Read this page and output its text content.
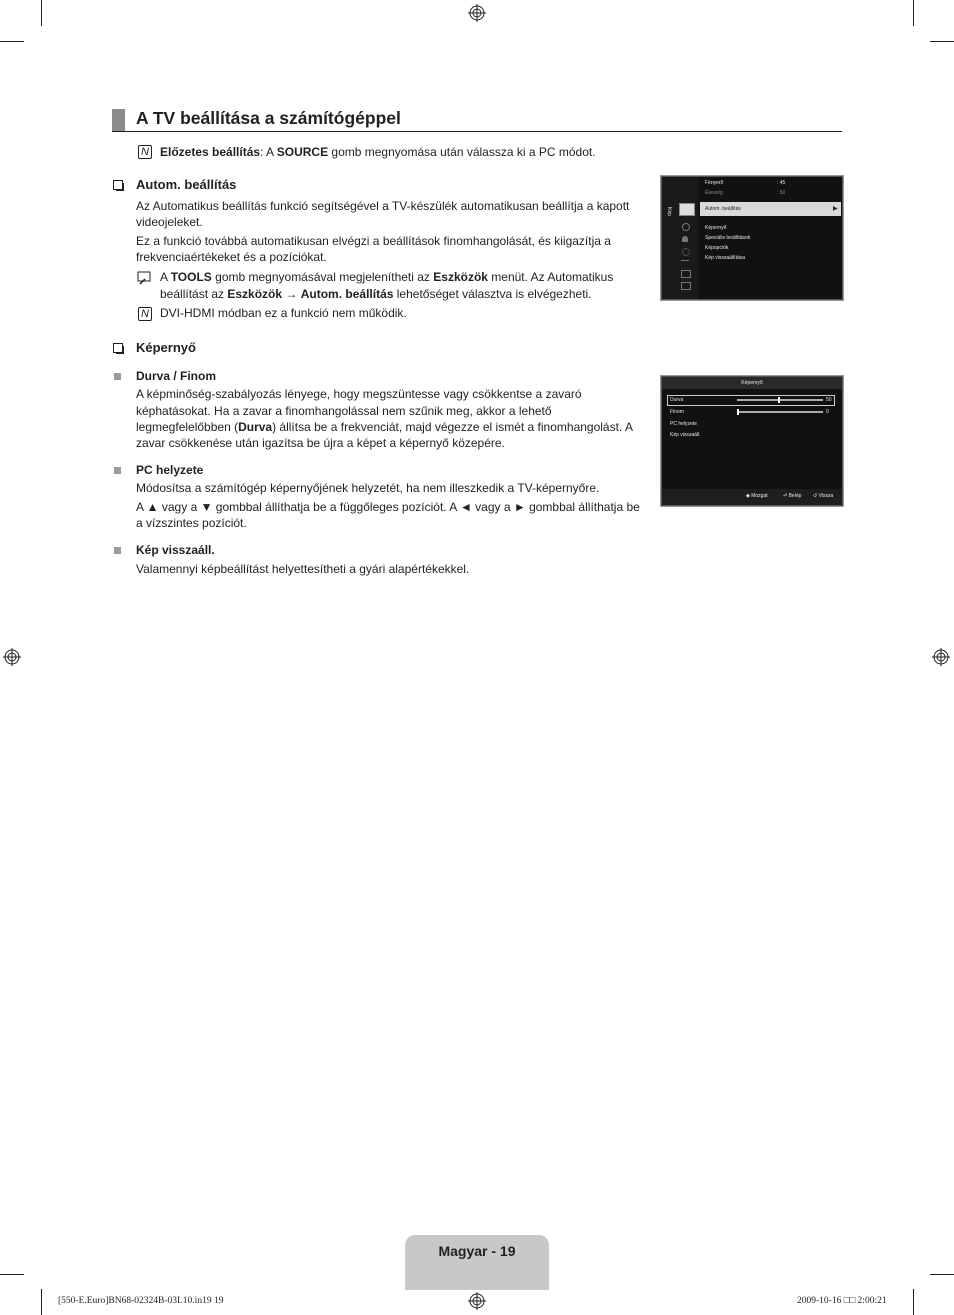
A TV beállítása a számítógéppel
N Előzetes beállítás: A SOURCE gomb megnyomása után válassza ki a PC módot.
Autom. beállítás
Az Automatikus beállítás funkció segítségével a TV-készülék automatikusan beállítja a kapott
videojeleket.
Ez a funkció továbbá automatikusan elvégzi a beállítások finomhangolását, és kiigazítja a
frekvenciaértékeket és a pozíciókat.
A TOOLS gomb megnyomásával megjelenítheti az Eszközök menüt. Az Automatikus
beállítást az Eszközök → Autom. beállítás lehetőséget választva is elvégezheti.
N DVI-HDMI módban ez a funkció nem működik.
Képernyő
Durva / Finom
A képminőség-szabályozás lényege, hogy megszüntesse vagy csökkentse a zavaró
képhatásokat. Ha a zavar a finomhangolással nem szűnik meg, akkor a lehető
legmegfelelőbben (Durva) állítsa be a frekvenciát, majd végezze el ismét a finomhangolást. A
zavar csökkenése után igazítsa be újra a képet a képernyő közepére.
PC helyzete
Módosítsa a számítógép képernyőjének helyzetét, ha nem illeszkedik a TV-képernyőre.
A ▲ vagy a ▼ gombbal állíthatja be a függőleges pozíciót. A ◄ vagy a ► gombbal állíthatja be
a vízszintes pozíciót.
Kép visszaáll.
Valamennyi képbeállítást helyettesítheti a gyári alapértékekkel.
Kép
Fényerő	: 45
Élesség	: 50
Autom. beállítás	▶
Képernyő
Speciális beállítások
Képopciók
Kép visszaállítása
Képernyő
Durva	50
Finom	0
PC helyzete
Kép visszaáll.
◆ Mozgat	⏎ Belép ↺ Vissza
Magyar - 19
[550-E.Euro]BN68-02324B-03L10.in19 19	2009-10-16 □□ 2:00:21
